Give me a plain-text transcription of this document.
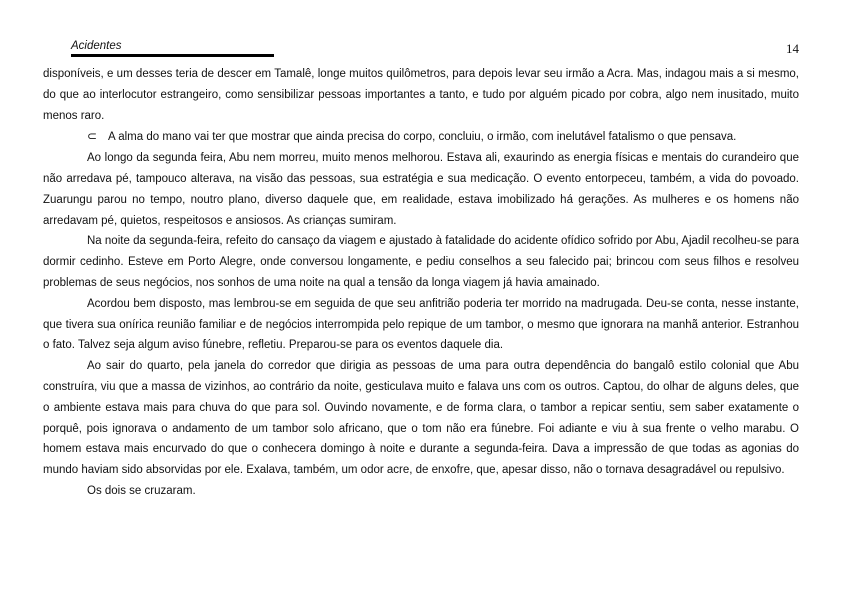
Acidentes	14

disponíveis, e um desses teria de descer em Tamalê, longe muitos quilômetros, para depois levar seu irmão a Acra. Mas, indagou mais a si mesmo, do que ao interlocutor estrangeiro, como sensibilizar pessoas importantes a tanto, e tudo por alguém picado por cobra, algo nem inusitado, muito menos raro.

⊂ A alma do mano vai ter que mostrar que ainda precisa do corpo, concluiu, o irmão, com inelutável fatalismo o que pensava.

Ao longo da segunda feira, Abu nem morreu, muito menos melhorou. Estava ali, exaurindo as energia físicas e mentais do curandeiro que não arredava pé, tampouco alterava, na visão das pessoas, sua estratégia e sua medicação. O evento entorpeceu, também, a vida do povoado. Zuarungu parou no tempo, noutro plano, diverso daquele que, em realidade, estava imobilizado há gerações. As mulheres e os homens não arredavam pé, quietos, respeitosos e ansiosos. As crianças sumiram.

Na noite da segunda-feira, refeito do cansaço da viagem e ajustado à fatalidade do acidente ofídico sofrido por Abu, Ajadil recolheu-se para dormir cedinho. Esteve em Porto Alegre, onde conversou longamente, e pediu conselhos a seu falecido pai; brincou com seus filhos e resolveu problemas de seus negócios, nos sonhos de uma noite na qual a tensão da longa viagem já havia amainado.

Acordou bem disposto, mas lembrou-se em seguida de que seu anfitrião poderia ter morrido na madrugada. Deu-se conta, nesse instante, que tivera sua onírica reunião familiar e de negócios interrompida pelo repique de um tambor, o mesmo que ignorara na manhã anterior. Estranhou o fato. Talvez seja algum aviso fúnebre, refletiu. Preparou-se para os eventos daquele dia.

Ao sair do quarto, pela janela do corredor que dirigia as pessoas de uma para outra dependência do bangalô estilo colonial que Abu construíra, viu que a massa de vizinhos, ao contrário da noite, gesticulava muito e falava uns com os outros. Captou, do olhar de alguns deles, que o ambiente estava mais para chuva do que para sol. Ouvindo novamente, e de forma clara, o tambor a repicar sentiu, sem saber exatamente o porquê, pois ignorava o andamento de um tambor solo africano, que o tom não era fúnebre. Foi adiante e viu à sua frente o velho marabu. O homem estava mais encurvado do que o conhecera domingo à noite e durante a segunda-feira. Dava a impressão de que todas as agonias do mundo haviam sido absorvidas por ele. Exalava, também, um odor acre, de enxofre, que, apesar disso, não o tornava desagradável ou repulsivo.

Os dois se cruzaram.
